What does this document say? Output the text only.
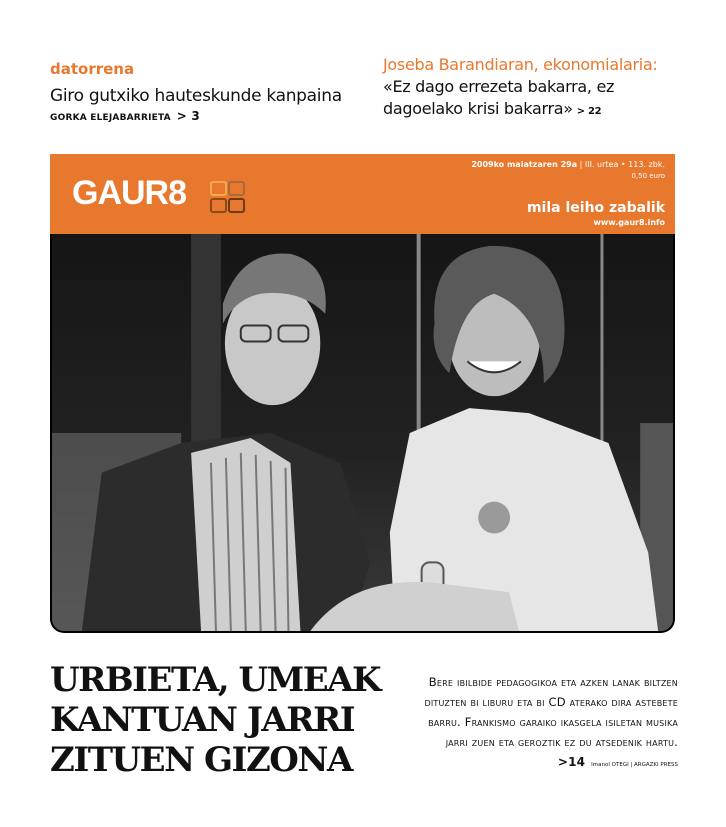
datorrena
Giro gutxiko hauteskunde kanpaina
GORKA ELEJABARRIETA > 3
Joseba Barandiaran, ekonomialaria:
«Ez dago errezeta bakarra, ez
dagoelako krisi bakarra» > 22
GAUR8
2009ko maiatzaren 29a | III. urtea • 113. zbk.
0,50 euro
mila leiho zabalik
www.gaur8.info
URBIETA, UMEAK
KANTUAN JARRI
ZITUEN GIZONA
Bere ibilbide pedagogikoa eta azken lanak biltzen dituzten bi liburu eta bi CD aterako dira astebete barru. Frankismo garaiko ikasgela isiletan musika jarri zuen eta geroztik ez du atsedenik hartu. >14 Imanol OTEGI | ARGAZKI PRESS
